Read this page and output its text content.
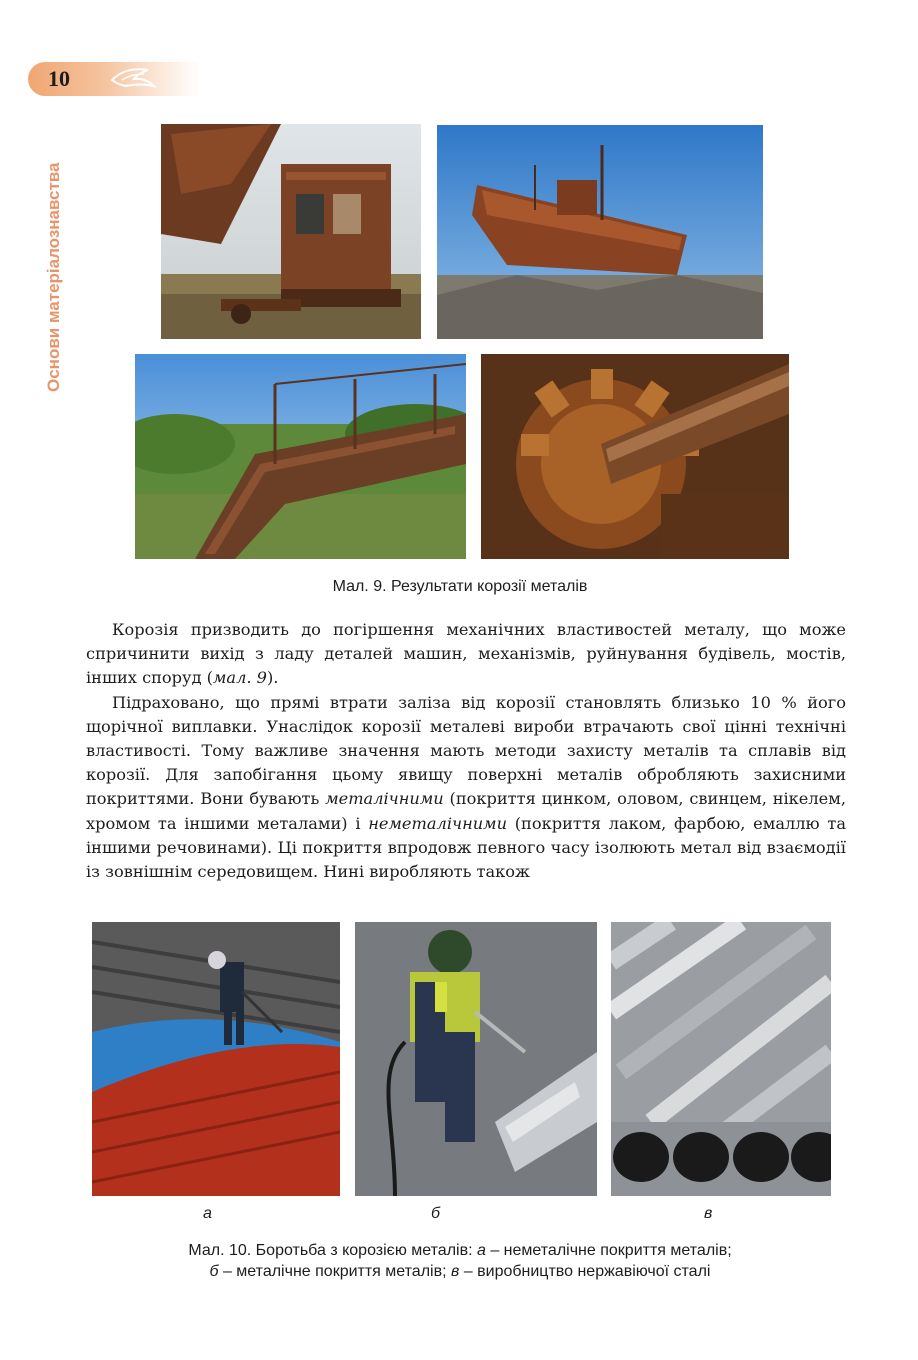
10
Основи матеріалознавства
Мал. 9. Результати корозії металів

Корозія призводить до погіршення механічних властивостей металу, що може спричинити вихід з ладу деталей машин, механізмів, руйнування будівель, мостів, інших споруд (мал. 9).

Підраховано, що прямі втрати заліза від корозії становлять близько 10 % його щорічної виплавки. Унаслідок корозії металеві вироби втрачають свої цінні технічні властивості. Тому важливе значення мають методи захисту металів та сплавів від корозії. Для запобігання цьому явищу поверхні металів обробляють захисними покриттями. Вони бувають металічними (покриття цинком, оловом, свинцем, нікелем, хромом та іншими металами) і неметалічними (покриття лаком, фарбою, емаллю та іншими речовинами). Ці покриття впродовж певного часу ізолюють метал від взаємодії із зовнішнім середовищем. Нині виробляють також

а	б	в
Мал. 10. Боротьба з корозією металів: а – неметалічне покриття металів;
б – металічне покриття металів; в – виробництво нержавіючої сталі
